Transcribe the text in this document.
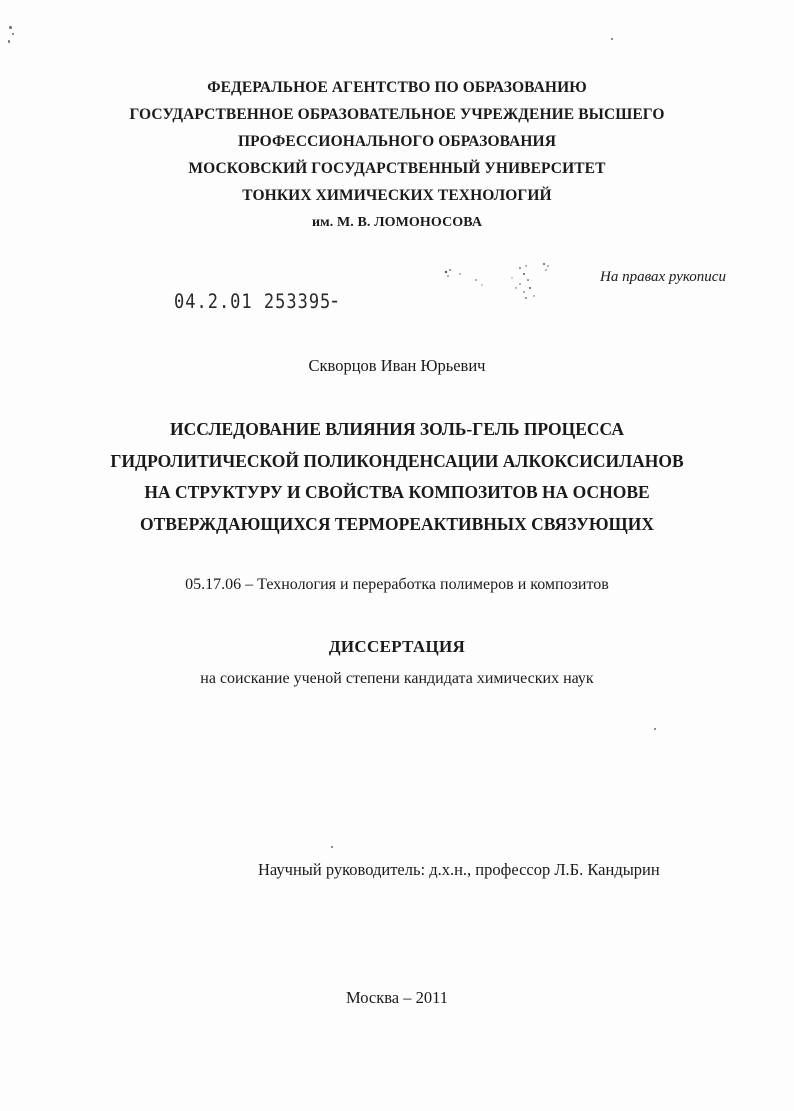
ФЕДЕРАЛЬНОЕ АГЕНТСТВО ПО ОБРАЗОВАНИЮ
ГОСУДАРСТВЕННОЕ ОБРАЗОВАТЕЛЬНОЕ УЧРЕЖДЕНИЕ ВЫСШЕГО
ПРОФЕССИОНАЛЬНОГО ОБРАЗОВАНИЯ
МОСКОВСКИЙ ГОСУДАРСТВЕННЫЙ УНИВЕРСИТЕТ
ТОНКИХ ХИМИЧЕСКИХ ТЕХНОЛОГИЙ
им. М. В. ЛОМОНОСОВА
На правах рукописи
04.2.01 253395-
Скворцов Иван Юрьевич
ИССЛЕДОВАНИЕ ВЛИЯНИЯ ЗОЛЬ-ГЕЛЬ ПРОЦЕССА
ГИДРОЛИТИЧЕСКОЙ ПОЛИКОНДЕНСАЦИИ АЛКОКСИСИЛАНОВ
НА СТРУКТУРУ И СВОЙСТВА КОМПОЗИТОВ НА ОСНОВЕ
ОТВЕРЖДАЮЩИХСЯ ТЕРМОРЕАКТИВНЫХ СВЯЗУЮЩИХ
05.17.06 – Технология и переработка полимеров и композитов
ДИССЕРТАЦИЯ
на соискание ученой степени кандидата химических наук
Научный руководитель: д.х.н., профессор Л.Б. Кандырин
Москва – 2011
